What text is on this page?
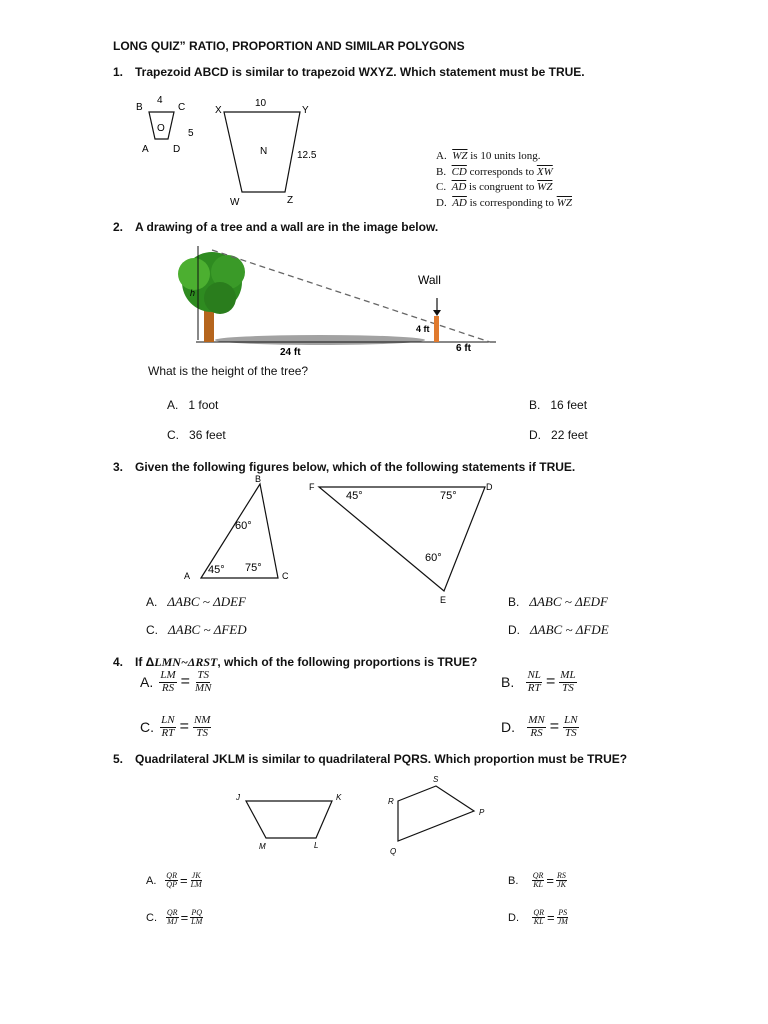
LONG QUIZ” RATIO, PROPORTION AND SIMILAR POLYGONS
1. Trapezoid ABCD is similar to trapezoid WXYZ. Which statement must be TRUE.
B	C
A D
O
4
5
X	Y
W	Z
N
10
12.5	A. $\overline{WZ}$ is 10 units long.
B. $\overline{CD}$ corresponds to $\overline{XW}$
C. $\overline{AD}$ is congruent to $\overline{WZ}$
D. $\overline{AD}$ is corresponding to $\overline{WZ}$
2. A drawing of a tree and a wall are in the image below.
h
Wall
4 ft
24 ft	6 ft
What is the height of the tree?
A. 1 foot	B. 16 feet
C. 36 feet	D. 22 feet
3. Given the following figures below, which of the following statements if TRUE.
B
A	C
60°
45° 75°
F	D
E
45°	75°
60°
A. ΔABC ~ ΔDEF	B. ΔABC ~ ΔEDF
C. ΔABC ~ ΔFED	D. ΔABC ~ ΔFDE
4. If ΔLMN~ΔRST, which of the following proportions is TRUE?
A. $\frac{LM}{RS} = \frac{TS}{MN}$	B. $\frac{NL}{RT} = \frac{ML}{TS}$
C. $\frac{LN}{RT} = \frac{NM}{TS}$	D. $\frac{MN}{RS} = \frac{LN}{TS}$
5. Quadrilateral JKLM is similar to quadrilateral PQRS. Which proportion must be TRUE?
J	K
L
M
S
R
P
Q
A. $\frac{QR}{QP} = \frac{JK}{LM}$	B. $\frac{QR}{KL} = \frac{RS}{JK}$
C. $\frac{QR}{MJ} = \frac{PQ}{LM}$	D. $\frac{QR}{KL} = \frac{PS}{JM}$
